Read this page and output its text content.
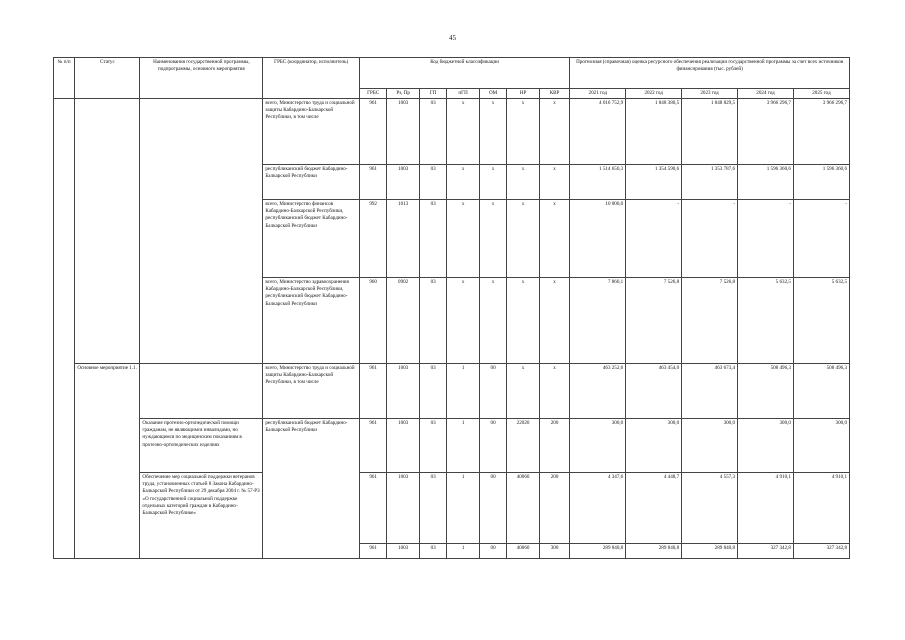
45
№ п/п	Статус	Наименования государственной программы, подпрограммы, основного мероприятия	ГРБС (координатор, исполнитель)	Код бюджетной классификации							Прогнозная (справочная) оценка ресурсного обеспечения реализации государственной программы за счет всех источников финансирования (тыс. рублей)				
				ГРБС	Рз, Пр	ГП	пГП	ОМ	НР	КВР	2021 год	2022 год	2023 год	2024 год	2025 год
			всего, Министерство труда и социальной защиты Кабардино-Балкарской Республики, в том числе	961	1003	03	х	х	х	х	4 016 752,9	1 848 380,5	1 848 829,5	3 966 296,7	3 966 296,7
			республиканский бюджет Кабардино-Балкарской Республики	961	1003	03	х	х	х	х	1 514 650,3	1 354 590,6	1 353 787,6	1 596 360,6	1 596 360,6
			всего, Министерство финансов Кабардино-Балкарской Республики, республиканский бюджет Кабардино-Балкарской Республики	992	1013	03	х	х	х	х	10 000,0	-	-	-	-
			всего, Министерство здравоохранения Кабардино-Балкарской Республики, республиканский бюджет Кабардино-Балкарской Республики	960	0902	03	х	х	х	х	7 866,1	7 526,8	7 526,8	5 632,5	5 632,5
	Основное мероприятие 1.1.		всего, Министерство труда и социальной защиты Кабардино-Балкарской Республики, в том числе	961	1003	03	1	00	х	х	463 252,6	463 454,0	463 673,4	508 496,3	508 496,3
		Оказание протезно-ортопедической помощи гражданам, не являющимся инвалидами, но нуждающимся по медицинским показаниям в протезно-ортопедических изделиях	республиканский бюджет Кабардино-Балкарской Республики	961	1003	03	1	00	22020	200	300,0	300,0	300,0	300,0	300,0
		Обеспечение мер социальной поддержки ветеранов труда, установленных статьей 8 Закона Кабардино-Балкарской Республики от 29 декабря 2004 г. № 57-РЗ «О государственной социальной поддержке отдельных категорий граждан в Кабардино-Балкарской Республике»		961	1003	03	1	00	40060	200	4 347,6	4 448,7	4 557,3	4 910,1	4 910,1
				961	1003	03	1	00	40060	300	289 840,8	289 840,8	289 840,8	327 342,8	327 342,8
